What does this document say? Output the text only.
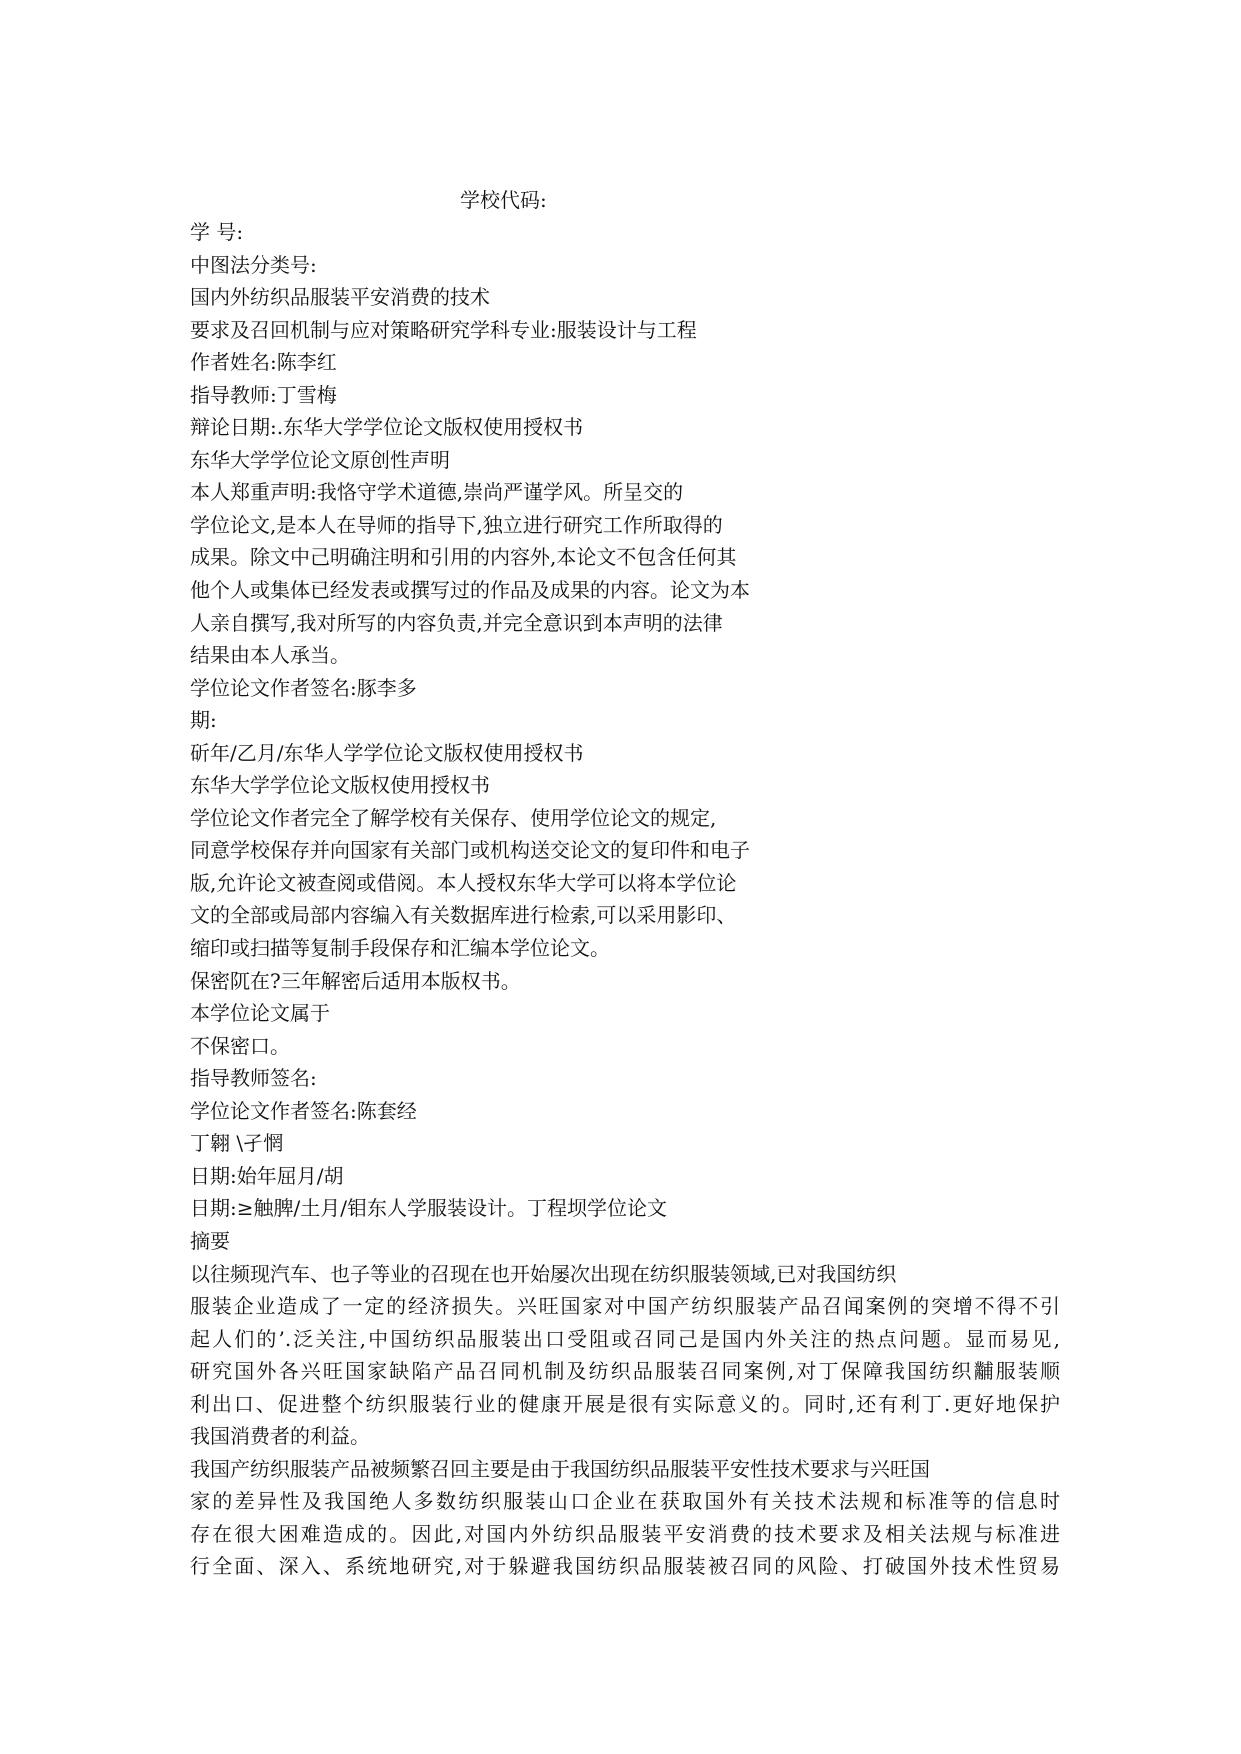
学校代码:
学 号:
中图法分类号:
国内外纺织品服装平安消费的技术
要求及召回机制与应对策略研究学科专业:服装设计与工程
作者姓名:陈李红
指导教师:丁雪梅
辩论日期:.东华大学学位论文版权使用授权书
东华大学学位论文原创性声明
本人郑重声明:我恪守学术道德,崇尚严谨学风。所呈交的
学位论文,是本人在导师的指导下,独立进行研究工作所取得的
成果。除文中己明确注明和引用的内容外,本论文不包含任何其
他个人或集体已经发表或撰写过的作品及成果的内容。论文为本
人亲自撰写,我对所写的内容负责,并完全意识到本声明的法律
结果由本人承当。
学位论文作者签名:豚李多
期:
斫年/乙月/东华人学学位论文版权使用授权书
东华大学学位论文版权使用授权书
学位论文作者完全了解学校有关保存、使用学位论文的规定,
同意学校保存并向国家有关部门或机构送交论文的复印件和电子
版,允许论文被查阅或借阅。本人授权东华大学可以将本学位论
文的全部或局部内容编入有关数据库进行检索,可以采用影印、
缩印或扫描等复制手段保存和汇编本学位论文。
保密阢在?三年解密后适用本版权书。
本学位论文属于
不保密口。
指导教师签名:
学位论文作者签名:陈套经
丁翱 \孑惘
日期:始年屈月/胡
日期:≥触脾/土月/钼东人学服装设计。丁程坝学位论文
摘要
以往频现汽车、也子等业的召现在也开始屡次出现在纺织服装领域,已对我国纺织
服装企业造成了一定的经济损失。兴旺国家对中国产纺织服装产品召闻案例的突增不得不引
起人们的’.泛关注,中国纺织品服装出口受阻或召同己是国内外关注的热点问题。显而易见,
研究国外各兴旺国家缺陷产品召同机制及纺织品服装召同案例,对丁保障我国纺织黼服装顺
利出口、促进整个纺织服装行业的健康开展是很有实际意义的。同时,还有利丁.更好地保护
我国消费者的利益。
我国产纺织服装产品被频繁召回主要是由于我国纺织品服装平安性技术要求与兴旺国
家的差异性及我国绝人多数纺织服装山口企业在获取国外有关技术法规和标准等的信息时
存在很大困难造成的。因此,对国内外纺织品服装平安消费的技术要求及相关法规与标准进
行全面、深入、系统地研究,对于躲避我国纺织品服装被召同的风险、打破国外技术性贸易
